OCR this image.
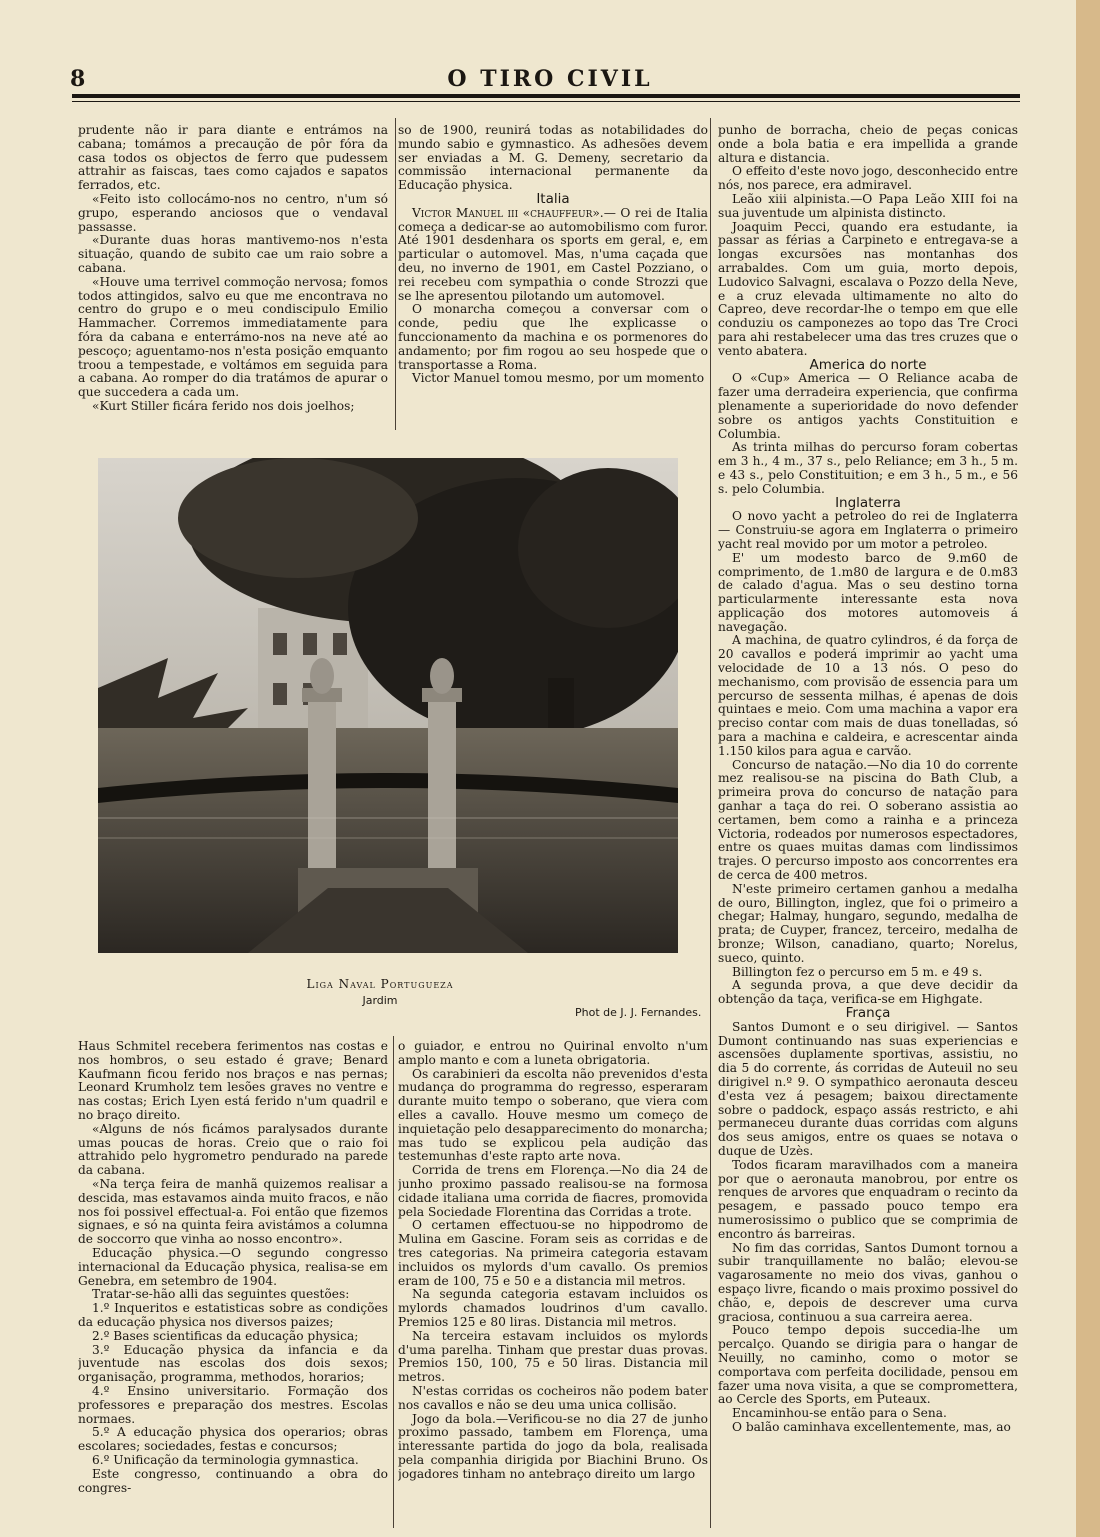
8	O TIRO CIVIL

prudente não ir para diante e entrámos na cabana; tomámos a precaução de pôr fóra da casa todos os objectos de ferro que pudessem attrahir as faiscas, taes como cajados e sapatos ferrados, etc.

«Feito isto collocámo-nos no centro, n'um só grupo, esperando anciosos que o vendaval passasse.

«Durante duas horas mantivemo-nos n'esta situação, quando de subito cae um raio sobre a cabana.

«Houve uma terrivel commoção nervosa; fomos todos attingidos, salvo eu que me encontrava no centro do grupo e o meu condiscipulo Emilio Hammacher. Corremos immediatamente para fóra da cabana e enterrámo-nos na neve até ao pescoço; aguentamo-nos n'esta posição emquanto troou a tempestade, e voltámos em seguida para a cabana. Ao romper do dia tratámos de apurar o que succedera a cada um.

«Kurt Stiller ficára ferido nos dois joelhos;

so de 1900, reunirá todas as notabilidades do mundo sabio e gymnastico. As adhesões devem ser enviadas a M. G. Demeny, secretario da commissão internacional permanente da Educação physica.

Italia

Victor Manuel iii «chauffeur».— O rei de Italia começa a dedicar-se ao automobilismo com furor. Até 1901 desdenhara os sports em geral, e, em particular o automovel. Mas, n'uma caçada que deu, no inverno de 1901, em Castel Pozziano, o rei recebeu com sympathia o conde Strozzi que se lhe apresentou pilotando um automovel.

O monarcha começou a conversar com o conde, pediu que lhe explicasse o funccionamento da machina e os pormenores do andamento; por fim rogou ao seu hospede que o transportasse a Roma.

Victor Manuel tomou mesmo, por um momento

Liga Naval Portugueza
Jardim
Phot de J. J. Fernandes.

Haus Schmitel recebera ferimentos nas costas e nos hombros, o seu estado é grave; Benard Kaufmann ficou ferido nos braços e nas pernas; Leonard Krumholz tem lesões graves no ventre e nas costas; Erich Lyen está ferido n'um quadril e no braço direito.

«Alguns de nós ficámos paralysados durante umas poucas de horas. Creio que o raio foi attrahido pelo hygrometro pendurado na parede da cabana.

«Na terça feira de manhã quizemos realisar a descida, mas estavamos ainda muito fracos, e não nos foi possivel effectual-a. Foi então que fizemos signaes, e só na quinta feira avistámos a columna de soccorro que vinha ao nosso encontro».

Educação physica.—O segundo congresso internacional da Educação physica, realisa-se em Genebra, em setembro de 1904.

Tratar-se-hão alli das seguintes questões:

1.º Inqueritos e estatisticas sobre as condições da educação physica nos diversos paizes;

2.º Bases scientificas da educação physica;

3.º Educação physica da infancia e da juventude nas escolas dos dois sexos; organisação, programma, methodos, horarios;

4.º Ensino universitario. Formação dos professores e preparação dos mestres. Escolas normaes.

5.º A educação physica dos operarios; obras escolares; sociedades, festas e concursos;

6.º Unificação da terminologia gymnastica.

Este congresso, continuando a obra do congres-

o guiador, e entrou no Quirinal envolto n'um amplo manto e com a luneta obrigatoria.

Os carabinieri da escolta não prevenidos d'esta mudança do programma do regresso, esperaram durante muito tempo o soberano, que viera com elles a cavallo. Houve mesmo um começo de inquietação pelo desapparecimento do monarcha; mas tudo se explicou pela audição das testemunhas d'este rapto arte nova.

Corrida de trens em Florença.—No dia 24 de junho proximo passado realisou-se na formosa cidade italiana uma corrida de fiacres, promovida pela Sociedade Florentina das Corridas a trote.

O certamen effectuou-se no hippodromo de Mulina em Gascine. Foram seis as corridas e de tres categorias. Na primeira categoria estavam incluidos os mylords d'um cavallo. Os premios eram de 100, 75 e 50 e a distancia mil metros.

Na segunda categoria estavam incluidos os mylords chamados loudrinos d'um cavallo. Premios 125 e 80 liras. Distancia mil metros.

Na terceira estavam incluidos os mylords d'uma parelha. Tinham que prestar duas provas. Premios 150, 100, 75 e 50 liras. Distancia mil metros.

N'estas corridas os cocheiros não podem bater nos cavallos e não se deu uma unica collisão.

Jogo da bola.—Verificou-se no dia 27 de junho proximo passado, tambem em Florença, uma interessante partida do jogo da bola, realisada pela companhia dirigida por Biachini Bruno. Os jogadores tinham no antebraço direito um largo

punho de borracha, cheio de peças conicas onde a bola batia e era impellida a grande altura e distancia.

O effeito d'este novo jogo, desconhecido entre nós, nos parece, era admiravel.

Leão xiii alpinista.—O Papa Leão XIII foi na sua juventude um alpinista distincto.

Joaquim Pecci, quando era estudante, ia passar as férias a Carpineto e entregava-se a longas excursões nas montanhas dos arrabaldes. Com um guia, morto depois, Ludovico Salvagni, escalava o Pozzo della Neve, e a cruz elevada ultimamente no alto do Capreo, deve recordar-lhe o tempo em que elle conduziu os camponezes ao topo das Tre Croci para ahi restabelecer uma das tres cruzes que o vento abatera.

America do norte

O «Cup» America — O Reliance acaba de fazer uma derradeira experiencia, que confirma plenamente a superioridade do novo defender sobre os antigos yachts Constituition e Columbia.

As trinta milhas do percurso foram cobertas em 3 h., 4 m., 37 s., pelo Reliance; em 3 h., 5 m. e 43 s., pelo Constituition; e em 3 h., 5 m., e 56 s. pelo Columbia.

Inglaterra

O novo yacht a petroleo do rei de Inglaterra — Construiu-se agora em Inglaterra o primeiro yacht real movido por um motor a petroleo.

E' um modesto barco de 9.m60 de comprimento, de 1.m80 de largura e de 0.m83 de calado d'agua. Mas o seu destino torna particularmente interessante esta nova applicação dos motores automoveis á navegação.

A machina, de quatro cylindros, é da força de 20 cavallos e poderá imprimir ao yacht uma velocidade de 10 a 13 nós. O peso do mechanismo, com provisão de essencia para um percurso de sessenta milhas, é apenas de dois quintaes e meio. Com uma machina a vapor era preciso contar com mais de duas tonelladas, só para a machina e caldeira, e acrescentar ainda 1.150 kilos para agua e carvão.

Concurso de natação.—No dia 10 do corrente mez realisou-se na piscina do Bath Club, a primeira prova do concurso de natação para ganhar a taça do rei. O soberano assistia ao certamen, bem como a rainha e a princeza Victoria, rodeados por numerosos espectadores, entre os quaes muitas damas com lindissimos trajes. O percurso imposto aos concorrentes era de cerca de 400 metros.

N'este primeiro certamen ganhou a medalha de ouro, Billington, inglez, que foi o primeiro a chegar; Halmay, hungaro, segundo, medalha de prata; de Cuyper, francez, terceiro, medalha de bronze; Wilson, canadiano, quarto; Norelus, sueco, quinto.

Billington fez o percurso em 5 m. e 49 s.

A segunda prova, a que deve decidir da obtenção da taça, verifica-se em Highgate.

França

Santos Dumont e o seu dirigivel. — Santos Dumont continuando nas suas experiencias e ascensões duplamente sportivas, assistiu, no dia 5 do corrente, ás corridas de Auteuil no seu dirigivel n.º 9. O sympathico aeronauta desceu d'esta vez á pesagem; baixou directamente sobre o paddock, espaço assás restricto, e ahi permaneceu durante duas corridas com alguns dos seus amigos, entre os quaes se notava o duque de Uzès.

Todos ficaram maravilhados com a maneira por que o aeronauta manobrou, por entre os renques de arvores que enquadram o recinto da pesagem, e passado pouco tempo era numerosissimo o publico que se comprimia de encontro ás barreiras.

No fim das corridas, Santos Dumont tornou a subir tranquillamente no balão; elevou-se vagarosamente no meio dos vivas, ganhou o espaço livre, ficando o mais proximo possivel do chão, e, depois de descrever uma curva graciosa, continuou a sua carreira aerea.

Pouco tempo depois succedia-lhe um percalço. Quando se dirigia para o hangar de Neuilly, no caminho, como o motor se comportava com perfeita docilidade, pensou em fazer uma nova visita, a que se compromettera, ao Cercle des Sports, em Puteaux.

Encaminhou-se então para o Sena.

O balão caminhava excellentemente, mas, ao
